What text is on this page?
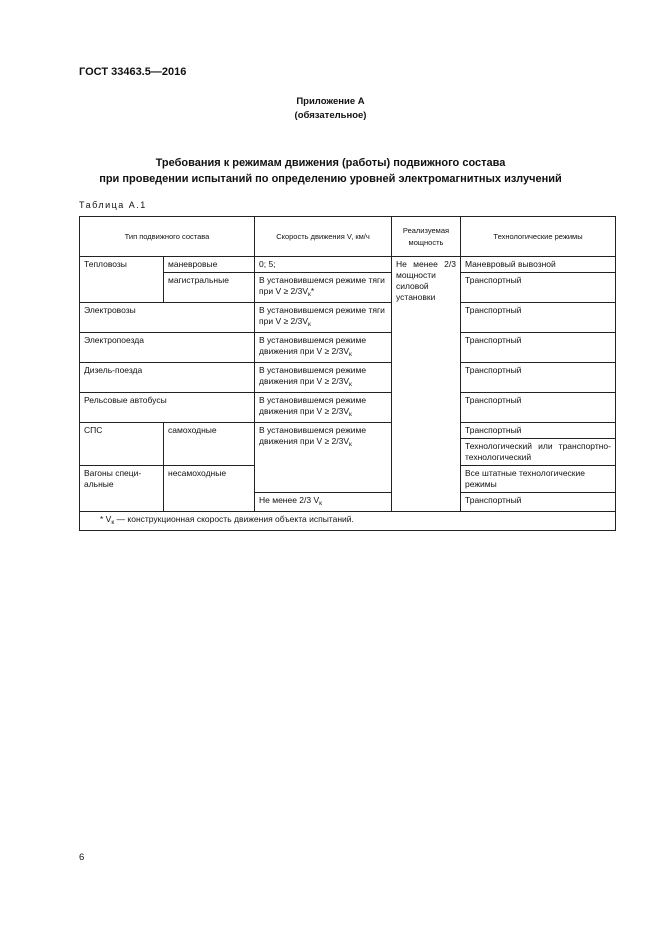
ГОСТ 33463.5—2016
Приложение А
(обязательное)
Требования к режимам движения (работы) подвижного состава
при проведении испытаний по определению уровней электромагнитных излучений
Таблица А.1
Тип подвижного состава		Скорость движения V, км/ч	Реализуемая мощность	Технологические режимы
Тепловозы	маневровые	0; 5;	Не менее 2/3 мощности силовой установки	Маневровый вывозной
	магистральные	В установившемся режиме тяги при $V \ge 2/3V_к*$		Транспортный
Электровозы		В установившемся режиме тяги при $V \ge 2/3V_к$		Транспортный
Электропоезда		В установившемся режиме движения при $V \ge 2/3V_к$		Транспортный
Дизель-поезда		В установившемся режиме движения при $V \ge 2/3V_к$		Транспортный
Рельсовые автобусы		В установившемся режиме движения при $V \ge 2/3V_к$		Транспортный
СПС	самоходные	В установившемся режиме движения при $V \ge 2/3V_к$		Транспортный
				Технологический или транспортно-технологический
Вагоны специальные	несамоходные			Все штатные технологические режимы
		Не менее 2/3 $V_к$		Транспортный
* $V_к$ — конструкционная скорость движения объекта испытаний.				
6
